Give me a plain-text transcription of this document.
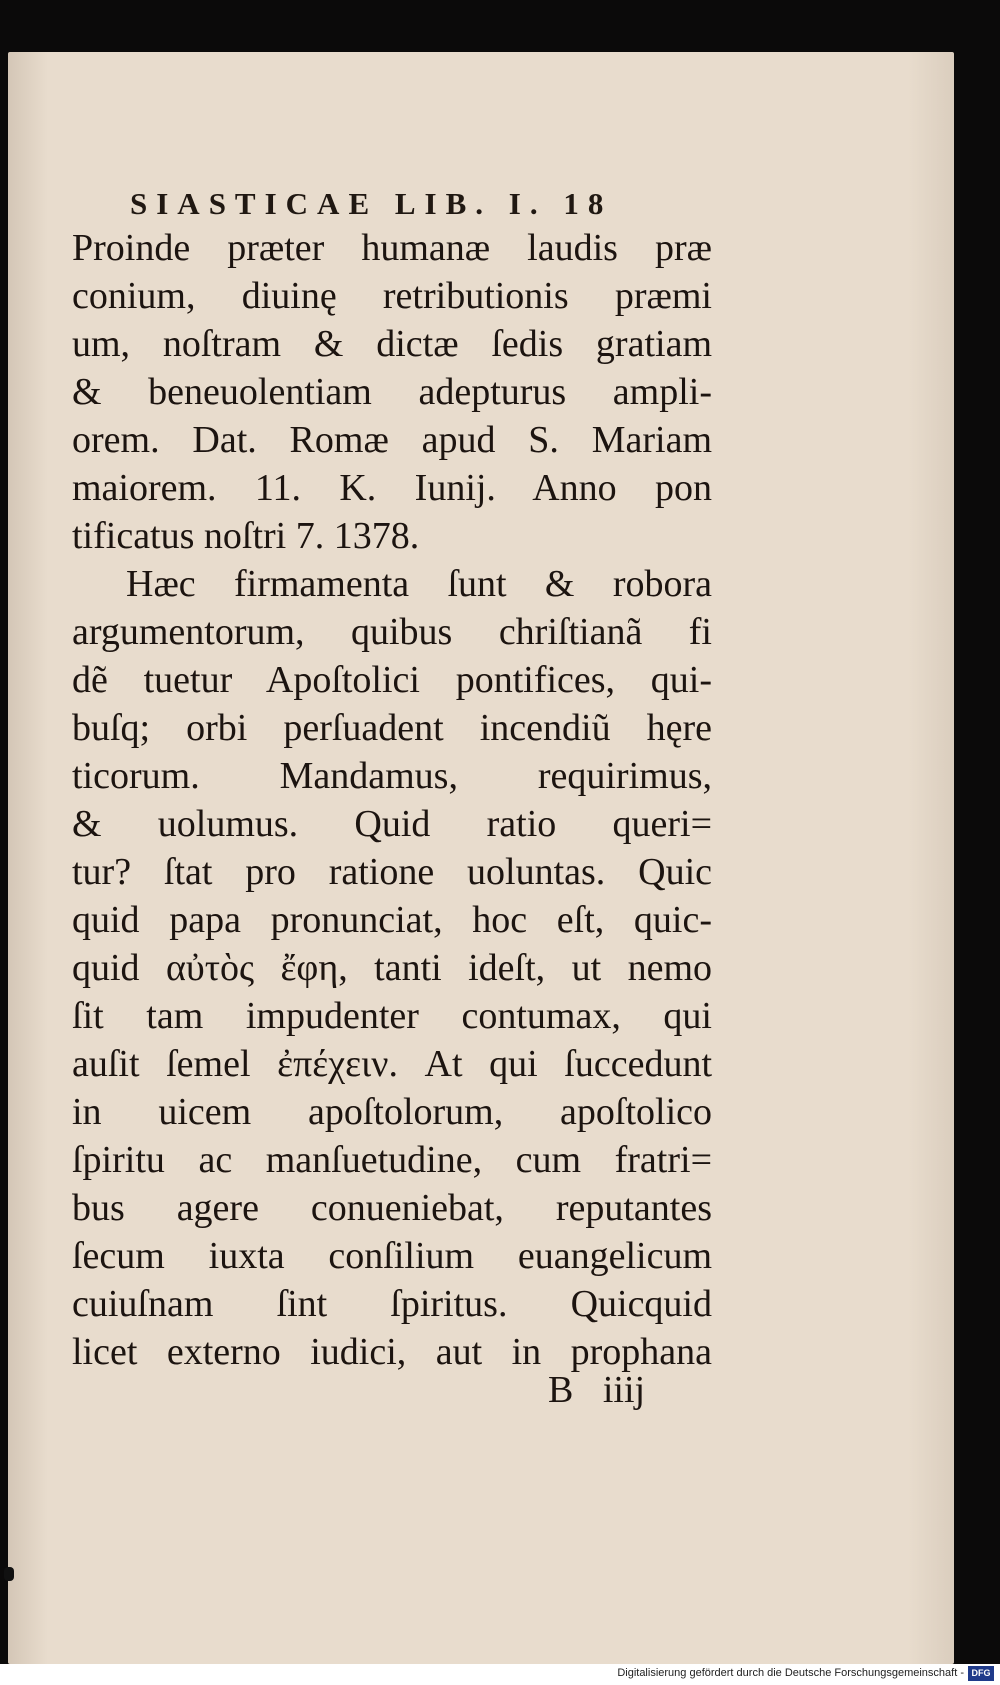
SIASTICAE LIB. I. 18
Proinde præter humanæ laudis præ
conium, diuinę retributionis præmi
um, noſtram & dictæ ſedis gratiam
& beneuolentiam adepturus ampli-
orem. Dat. Romæ apud S. Mariam
maiorem. 11. K. Iunij. Anno pon
tificatus noſtri 7. 1378.
Hæc firmamenta ſunt & robora
argumentorum, quibus chriſtianã fi
dẽ tuetur Apoſtolici pontifices, qui-
buſq; orbi perſuadent incendiũ hęre
ticorum. Mandamus, requirimus,
& uolumus. Quid ratio queri=
tur? ſtat pro ratione uoluntas. Quic
quid papa pronunciat, hoc eſt, quic-
quid αὐτὸς ἔφη, tanti ideſt, ut nemo
ſit tam impudenter contumax, qui
auſit ſemel ἐπέχειν. At qui ſuccedunt
in uicem apoſtolorum, apoſtolico
ſpiritu ac manſuetudine, cum fratri=
bus agere conueniebat, reputantes
ſecum iuxta conſilium euangelicum
cuiuſnam ſint ſpiritus. Quicquid
licet externo iudici, aut in prophana
B iiij
Digitalisierung gefördert durch die Deutsche Forschungsgemeinschaft - DFG
